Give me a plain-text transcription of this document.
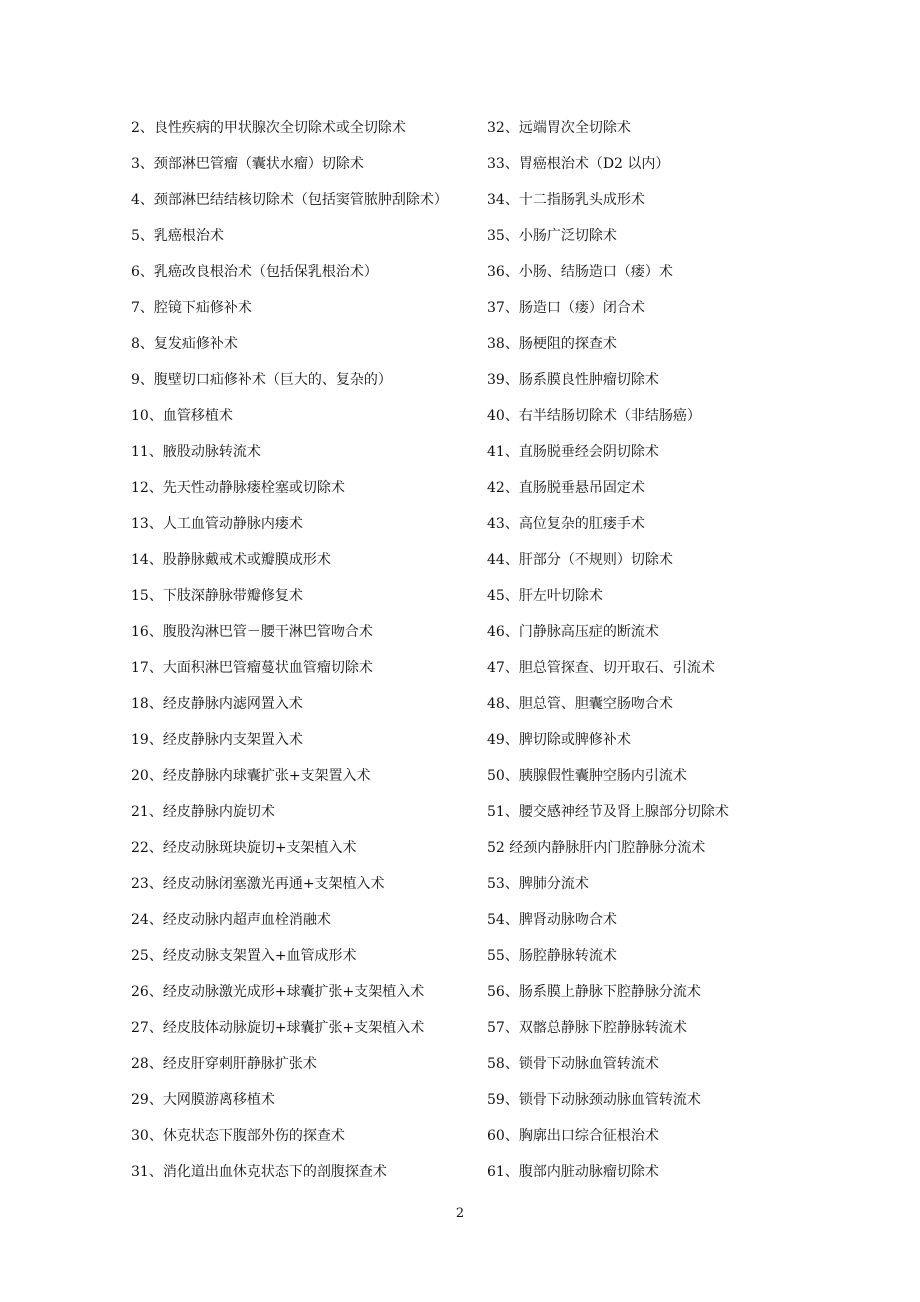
2、良性疾病的甲状腺次全切除术或全切除术
3、颈部淋巴管瘤（囊状水瘤）切除术
4、颈部淋巴结结核切除术（包括窦管脓肿刮除术）
5、乳癌根治术
6、乳癌改良根治术（包括保乳根治术）
7、腔镜下疝修补术
8、复发疝修补术
9、腹壁切口疝修补术（巨大的、复杂的）
10、血管移植术
11、腋股动脉转流术
12、先天性动静脉瘘栓塞或切除术
13、人工血管动静脉内瘘术
14、股静脉戴戒术或瓣膜成形术
15、下肢深静脉带瓣修复术
16、腹股沟淋巴管－腰干淋巴管吻合术
17、大面积淋巴管瘤蔓状血管瘤切除术
18、经皮静脉内滤网置入术
19、经皮静脉内支架置入术
20、经皮静脉内球囊扩张+支架置入术
21、经皮静脉内旋切术
22、经皮动脉斑块旋切+支架植入术
23、经皮动脉闭塞激光再通+支架植入术
24、经皮动脉内超声血栓消融术
25、经皮动脉支架置入+血管成形术
26、经皮动脉激光成形+球囊扩张+支架植入术
27、经皮肢体动脉旋切+球囊扩张+支架植入术
28、经皮肝穿刺肝静脉扩张术
29、大网膜游离移植术
30、休克状态下腹部外伤的探查术
31、消化道出血休克状态下的剖腹探查术
32、远端胃次全切除术
33、胃癌根治术（D2 以内）
34、十二指肠乳头成形术
35、小肠广泛切除术
36、小肠、结肠造口（瘘）术
37、肠造口（瘘）闭合术
38、肠梗阻的探查术
39、肠系膜良性肿瘤切除术
40、右半结肠切除术（非结肠癌）
41、直肠脱垂经会阴切除术
42、直肠脱垂悬吊固定术
43、高位复杂的肛瘘手术
44、肝部分（不规则）切除术
45、肝左叶切除术
46、门静脉高压症的断流术
47、胆总管探查、切开取石、引流术
48、胆总管、胆囊空肠吻合术
49、脾切除或脾修补术
50、胰腺假性囊肿空肠内引流术
51、腰交感神经节及肾上腺部分切除术
52 经颈内静脉肝内门腔静脉分流术
53、脾肺分流术
54、脾肾动脉吻合术
55、肠腔静脉转流术
56、肠系膜上静脉下腔静脉分流术
57、双髂总静脉下腔静脉转流术
58、锁骨下动脉血管转流术
59、锁骨下动脉颈动脉血管转流术
60、胸廓出口综合征根治术
61、腹部内脏动脉瘤切除术
2
